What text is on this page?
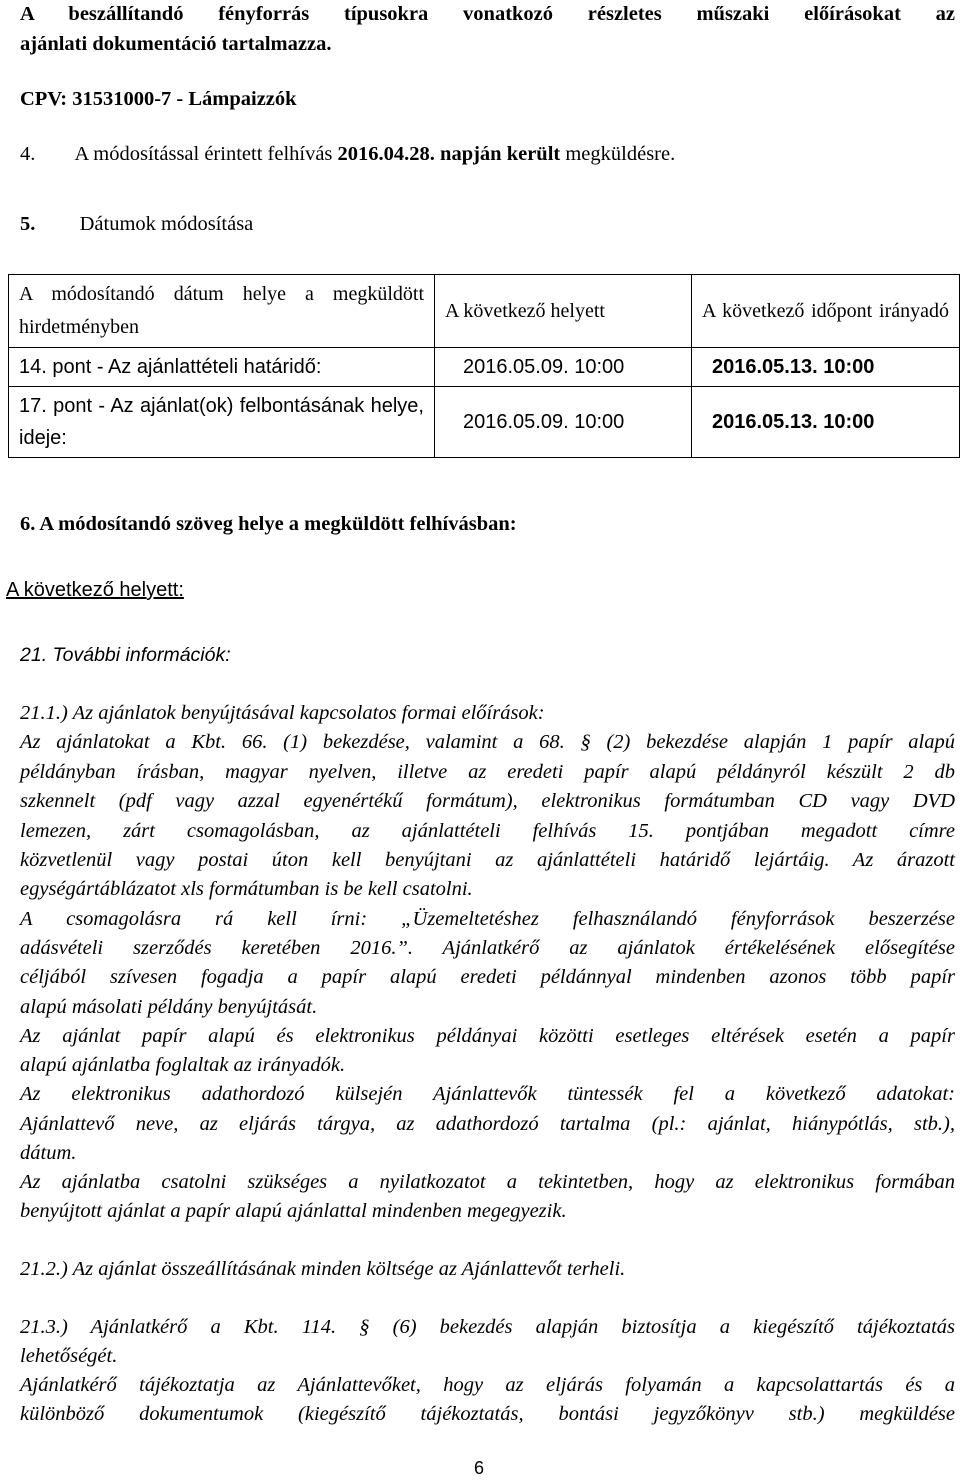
A beszállítandó fényforrás típusokra vonatkozó részletes műszaki előírásokat az
ajánlati dokumentáció tartalmazza.
CPV: 31531000-7 - Lámpaizzók
4. A módosítással érintett felhívás 2016.04.28. napján került megküldésre.
5. Dátumok módosítása
A módosítandó dátum helye a megküldött hirdetményben	A következő helyett	A következő időpont irányadó
14. pont - Az ajánlattételi határidő:	2016.05.09. 10:00	2016.05.13. 10:00
17. pont - Az ajánlat(ok) felbontásának helye, ideje:	2016.05.09. 10:00	2016.05.13. 10:00
6. A módosítandó szöveg helye a megküldött felhívásban:
A következő helyett:
21. További információk:
21.1.) Az ajánlatok benyújtásával kapcsolatos formai előírások:
Az ajánlatokat a Kbt. 66. (1) bekezdése, valamint a 68. § (2) bekezdése alapján 1 papír alapú
példányban írásban, magyar nyelven, illetve az eredeti papír alapú példányról készült 2 db
szkennelt (pdf vagy azzal egyenértékű formátum), elektronikus formátumban CD vagy DVD
lemezen, zárt csomagolásban, az ajánlattételi felhívás 15. pontjában megadott címre
közvetlenül vagy postai úton kell benyújtani az ajánlattételi határidő lejártáig. Az árazott
egységártáblázatot xls formátumban is be kell csatolni.
A csomagolásra rá kell írni: „Üzemeltetéshez felhasználandó fényforrások beszerzése
adásvételi szerződés keretében 2016.”. Ajánlatkérő az ajánlatok értékelésének elősegítése
céljából szívesen fogadja a papír alapú eredeti példánnyal mindenben azonos több papír
alapú másolati példány benyújtását.
Az ajánlat papír alapú és elektronikus példányai közötti esetleges eltérések esetén a papír
alapú ajánlatba foglaltak az irányadók.
Az elektronikus adathordozó külsején Ajánlattevők tüntessék fel a következő adatokat:
Ajánlattevő neve, az eljárás tárgya, az adathordozó tartalma (pl.: ajánlat, hiánypótlás, stb.),
dátum.
Az ajánlatba csatolni szükséges a nyilatkozatot a tekintetben, hogy az elektronikus formában
benyújtott ajánlat a papír alapú ajánlattal mindenben megegyezik.
21.2.) Az ajánlat összeállításának minden költsége az Ajánlattevőt terheli.
21.3.) Ajánlatkérő a Kbt. 114. § (6) bekezdés alapján biztosítja a kiegészítő tájékoztatás
lehetőségét.
Ajánlatkérő tájékoztatja az Ajánlattevőket, hogy az eljárás folyamán a kapcsolattartás és a
különböző dokumentumok (kiegészítő tájékoztatás, bontási jegyzőkönyv stb.) megküldése
6
